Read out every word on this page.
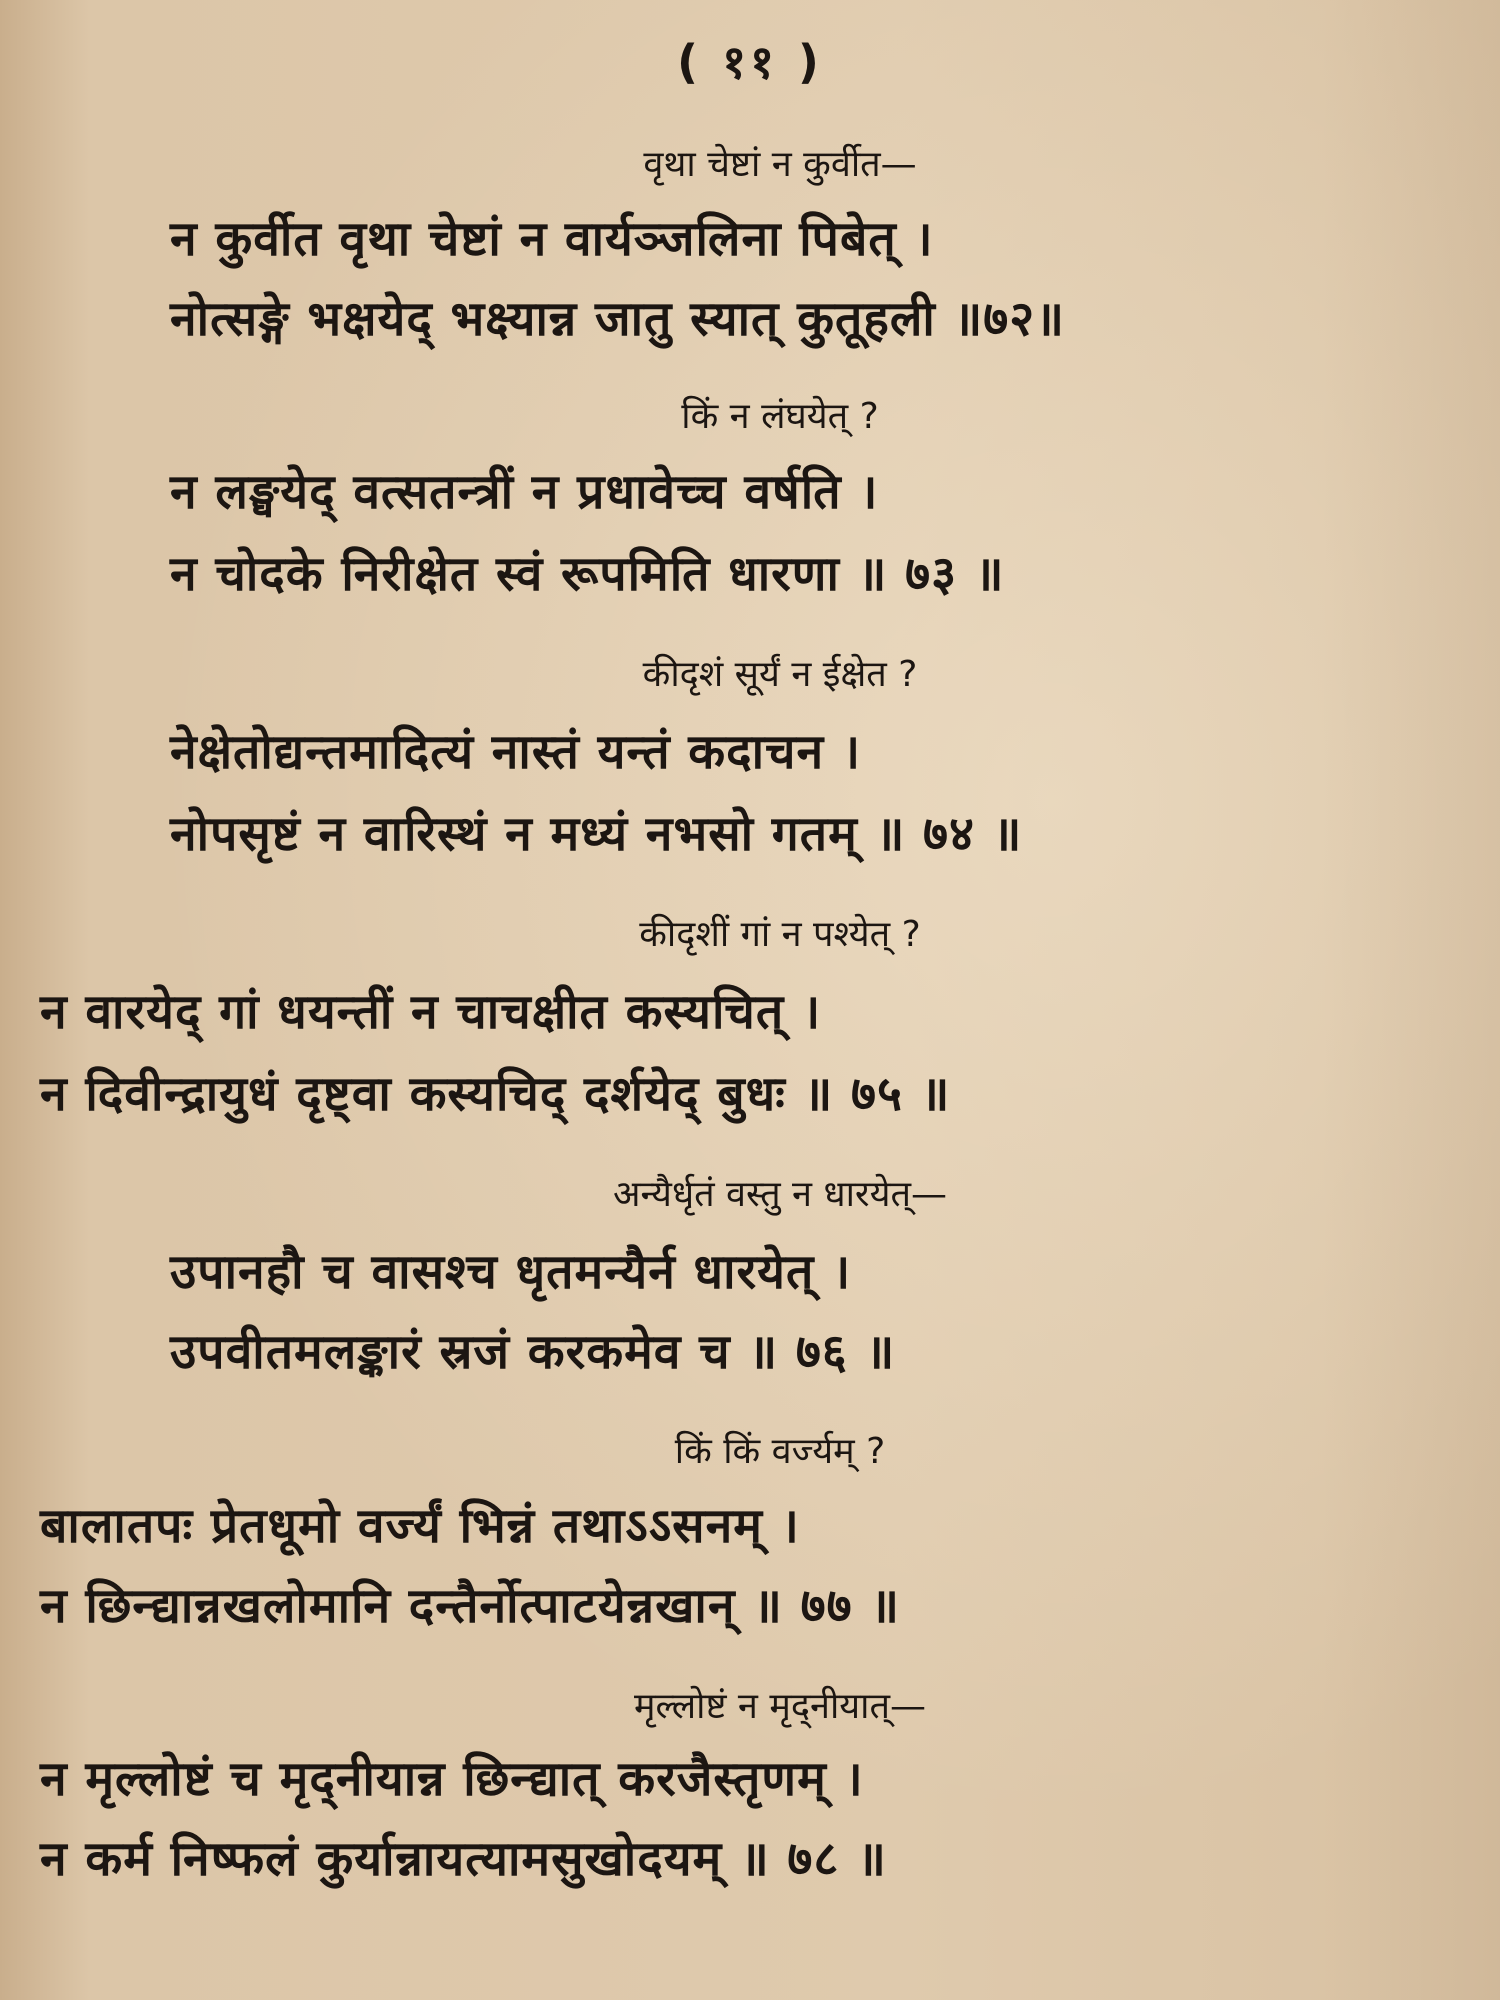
( ११ )
वृथा चेष्टां न कुर्वीत—
न कुर्वीत वृथा चेष्टां न वार्यञ्जलिना पिबेत् ।
नोत्सङ्गे भक्षयेद् भक्ष्यान्न जातु स्यात् कुतूहली ॥७२॥
किं न लंघयेत् ?
न लङ्घयेद् वत्सतन्त्रीं न प्रधावेच्च वर्षति ।
न चोदके निरीक्षेत स्वं रूपमिति धारणा ॥ ७३ ॥
कीदृशं सूर्यं न ईक्षेत ?
नेक्षेतोद्यन्तमादित्यं नास्तं यन्तं कदाचन ।
नोपसृष्टं न वारिस्थं न मध्यं नभसो गतम् ॥ ७४ ॥
कीदृशीं गां न पश्येत् ?
न वारयेद् गां धयन्तीं न चाचक्षीत कस्यचित् ।
न दिवीन्द्रायुधं दृष्ट्वा कस्यचिद् दर्शयेद् बुधः ॥ ७५ ॥
अन्यैर्धृतं वस्तु न धारयेत्—
उपानहौ च वासश्च धृतमन्यैर्न धारयेत् ।
उपवीतमलङ्कारं स्रजं करकमेव च ॥ ७६ ॥
किं किं वर्ज्यम् ?
बालातपः प्रेतधूमो वर्ज्यं भिन्नं तथाऽऽसनम् ।
न छिन्द्यान्नखलोमानि दन्तैर्नोत्पाटयेन्नखान् ॥ ७७ ॥
मृल्लोष्टं न मृद्नीयात्—
न मृल्लोष्टं च मृद्नीयान्न छिन्द्यात् करजैस्तृणम् ।
न कर्म निष्फलं कुर्यान्नायत्यामसुखोदयम् ॥ ७८ ॥
